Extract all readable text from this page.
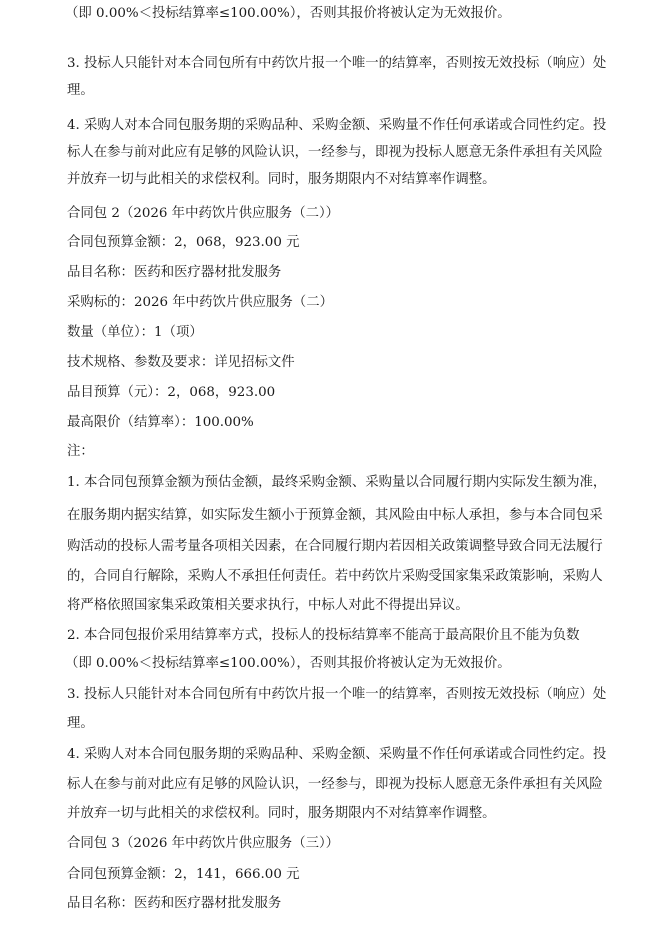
（即 0.00%＜投标结算率≤100.00%），否则其报价将被认定为无效报价。
3. 投标人只能针对本合同包所有中药饮片报一个唯一的结算率，否则按无效投标（响应）处
理。
4. 采购人对本合同包服务期的采购品种、采购金额、采购量不作任何承诺或合同性约定。投
标人在参与前对此应有足够的风险认识，一经参与，即视为投标人愿意无条件承担有关风险
并放弃一切与此相关的求偿权利。同时，服务期限内不对结算率作调整。
合同包 2（2026 年中药饮片供应服务（二））
合同包预算金额：2，068，923.00 元
品目名称：医药和医疗器材批发服务
采购标的：2026 年中药饮片供应服务（二）
数量（单位）：1（项）
技术规格、参数及要求：详见招标文件
品目预算（元）：2，068，923.00
最高限价（结算率）：100.00%
注：
1. 本合同包预算金额为预估金额，最终采购金额、采购量以合同履行期内实际发生额为准，
在服务期内据实结算，如实际发生额小于预算金额，其风险由中标人承担，参与本合同包采
购活动的投标人需考量各项相关因素，在合同履行期内若因相关政策调整导致合同无法履行
的，合同自行解除，采购人不承担任何责任。若中药饮片采购受国家集采政策影响，采购人
将严格依照国家集采政策相关要求执行，中标人对此不得提出异议。
2. 本合同包报价采用结算率方式，投标人的投标结算率不能高于最高限价且不能为负数
（即 0.00%＜投标结算率≤100.00%），否则其报价将被认定为无效报价。
3. 投标人只能针对本合同包所有中药饮片报一个唯一的结算率，否则按无效投标（响应）处
理。
4. 采购人对本合同包服务期的采购品种、采购金额、采购量不作任何承诺或合同性约定。投
标人在参与前对此应有足够的风险认识，一经参与，即视为投标人愿意无条件承担有关风险
并放弃一切与此相关的求偿权利。同时，服务期限内不对结算率作调整。
合同包 3（2026 年中药饮片供应服务（三））
合同包预算金额：2，141，666.00 元
品目名称：医药和医疗器材批发服务
